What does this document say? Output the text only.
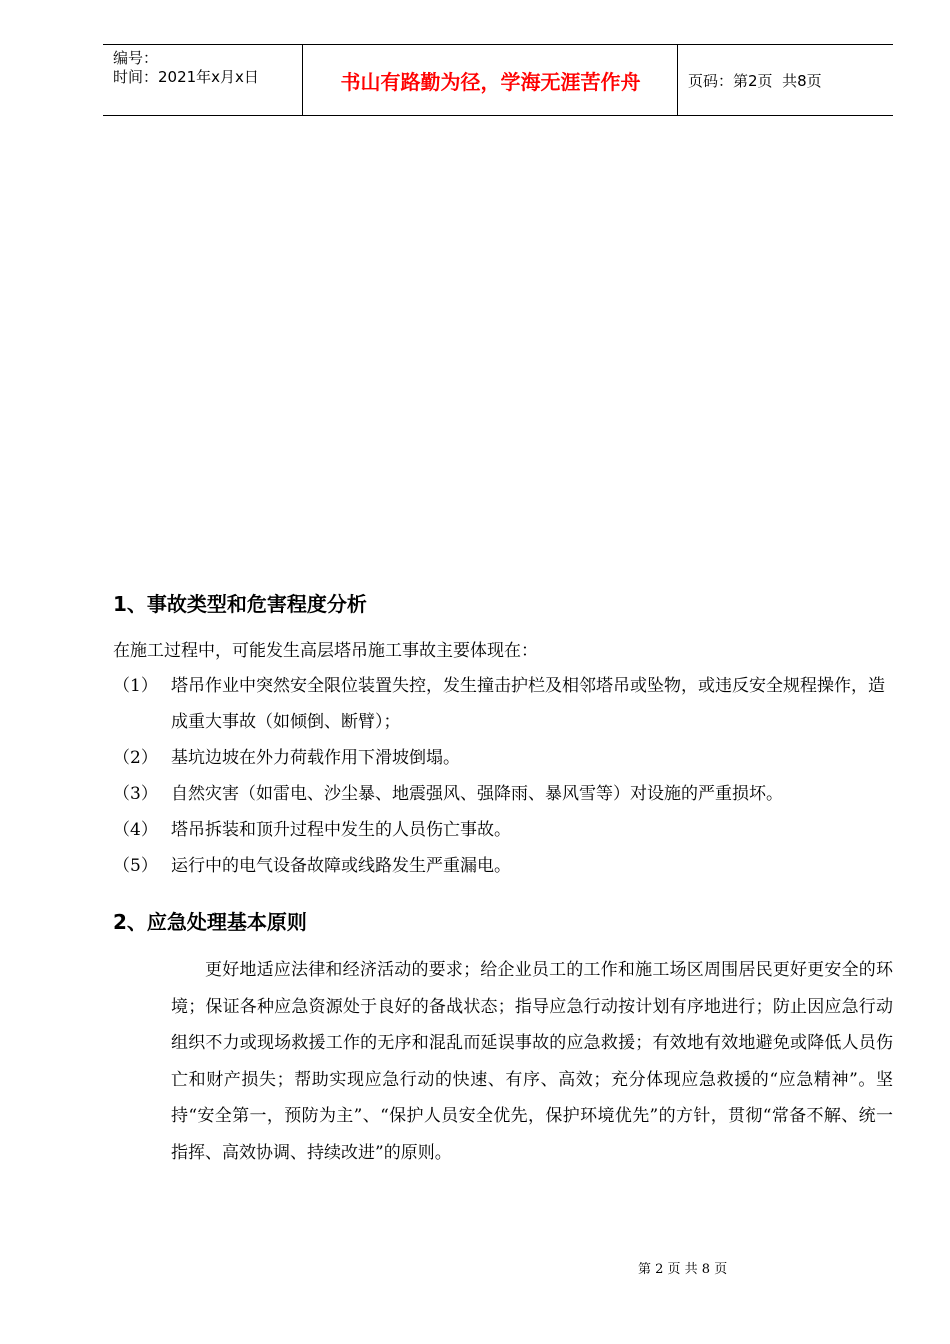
编号：
时间：2021年x月x日	书山有路勤为径，学海无涯苦作舟	页码：第2页  共8页
1、事故类型和危害程度分析
在施工过程中，可能发生高层塔吊施工事故主要体现在：
（1） 塔吊作业中突然安全限位装置失控，发生撞击护栏及相邻塔吊或坠物，或违反安全规程操作，造成重大事故（如倾倒、断臂）；
（2） 基坑边坡在外力荷载作用下滑坡倒塌。
（3） 自然灾害（如雷电、沙尘暴、地震强风、强降雨、暴风雪等）对设施的严重损坏。
（4） 塔吊拆装和顶升过程中发生的人员伤亡事故。
（5） 运行中的电气设备故障或线路发生严重漏电。
2、应急处理基本原则
更好地适应法律和经济活动的要求；给企业员工的工作和施工场区周围居民更好更安全的环境；保证各种应急资源处于良好的备战状态；指导应急行动按计划有序地进行；防止因应急行动组织不力或现场救援工作的无序和混乱而延误事故的应急救援；有效地有效地避免或降低人员伤亡和财产损失；帮助实现应急行动的快速、有序、高效；充分体现应急救援的“应急精神”。坚持“安全第一，预防为主”、“保护人员安全优先，保护环境优先”的方针，贯彻“常备不解、统一指挥、高效协调、持续改进”的原则。
第 2 页 共 8 页
